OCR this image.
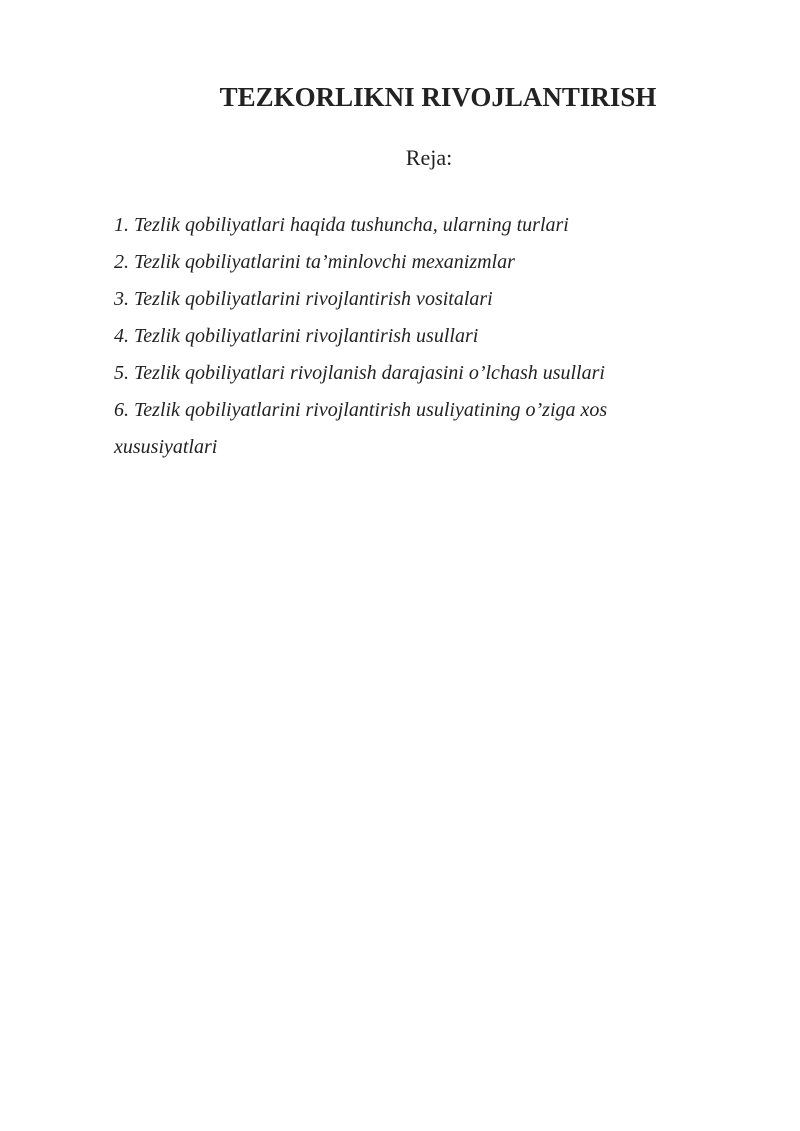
TEZKORLIKNI RIVOJLANTIRISH
Reja:
1. Tezlik qobiliyatlari haqida tushuncha, ularning turlari
2. Tezlik qobiliyatlarini ta’minlovchi mexanizmlar
3. Tezlik qobiliyatlarini rivojlantirish vositalari
4. Tezlik qobiliyatlarini rivojlantirish usullari
5. Tezlik qobiliyatlari rivojlanish darajasini o’lchash usullari
6. Tezlik qobiliyatlarini rivojlantirish usuliyatining o’ziga xos xususiyatlari
